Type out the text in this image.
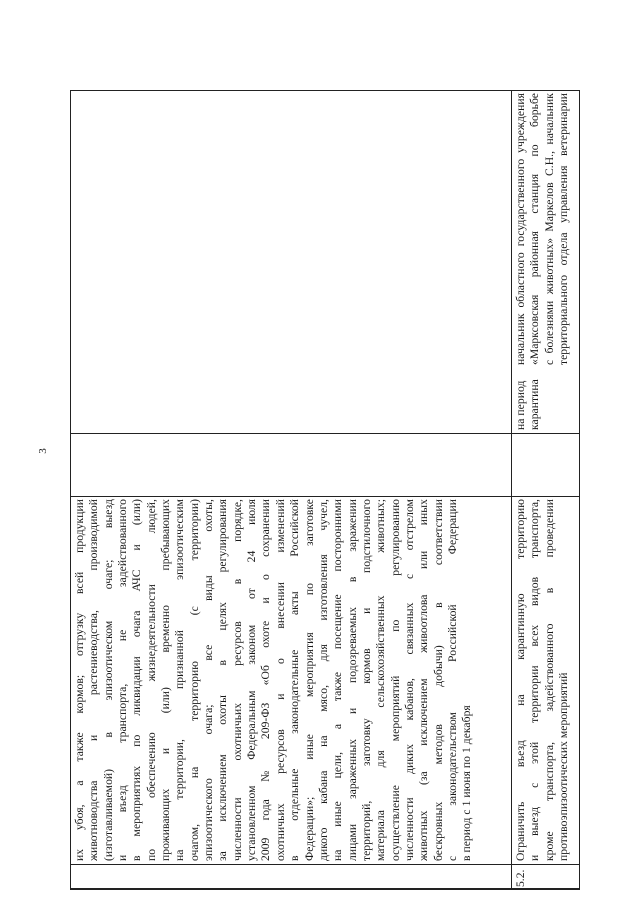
3
их убоя, а также кормов; отгрузку всей продукции животноводства и растениеводства, производимой (изготавливаемой) в эпизоотическом очаге; выезд и въезд транспорта, не задействованного в мероприятиях по ликвидации очага АЧС и (или) по обеспечению жизнедеятельности людей, проживающих и (или) временно пребывающих на территории, признанной эпизоотическим очагом, на территорию (с территории) эпизоотического очага; все виды охоты, за исключением охоты в целях регулирования численности охотничьих ресурсов в порядке, установленном Федеральным законом от 24 июля 2009 года № 209-ФЗ «Об охоте и о сохранении охотничьих ресурсов и о внесении изменений в отдельные законодательные акты Российской Федерации»; иные мероприятия по заготовке дикого кабана на мясо, для изготовления чучел, на иные цели, а также посещение посторонними лицами зараженных и подозреваемых в заражении территорий, заготовку кормов и подстилочного материала для сельскохозяйственных животных; осуществление мероприятий по регулированию численности диких кабанов, связанных с отстрелом животных (за исключением живоотлова или иных бескровных методов добычи) в соответствии с законодательством Российской Федерации в период с 1 июня по 1 декабря
5.2.
Ограничить въезд на карантинную территорию и выезд с этой территории всех видов транспорта, кроме транспорта, задействованного в проведении противоэпизоотических мероприятий
на период карантина
начальник областного государственного учреждения «Марксовская районная станция по борьбе с болезнями животных» Маркелов С.Н., начальник территориального отдела управления ветеринарии
